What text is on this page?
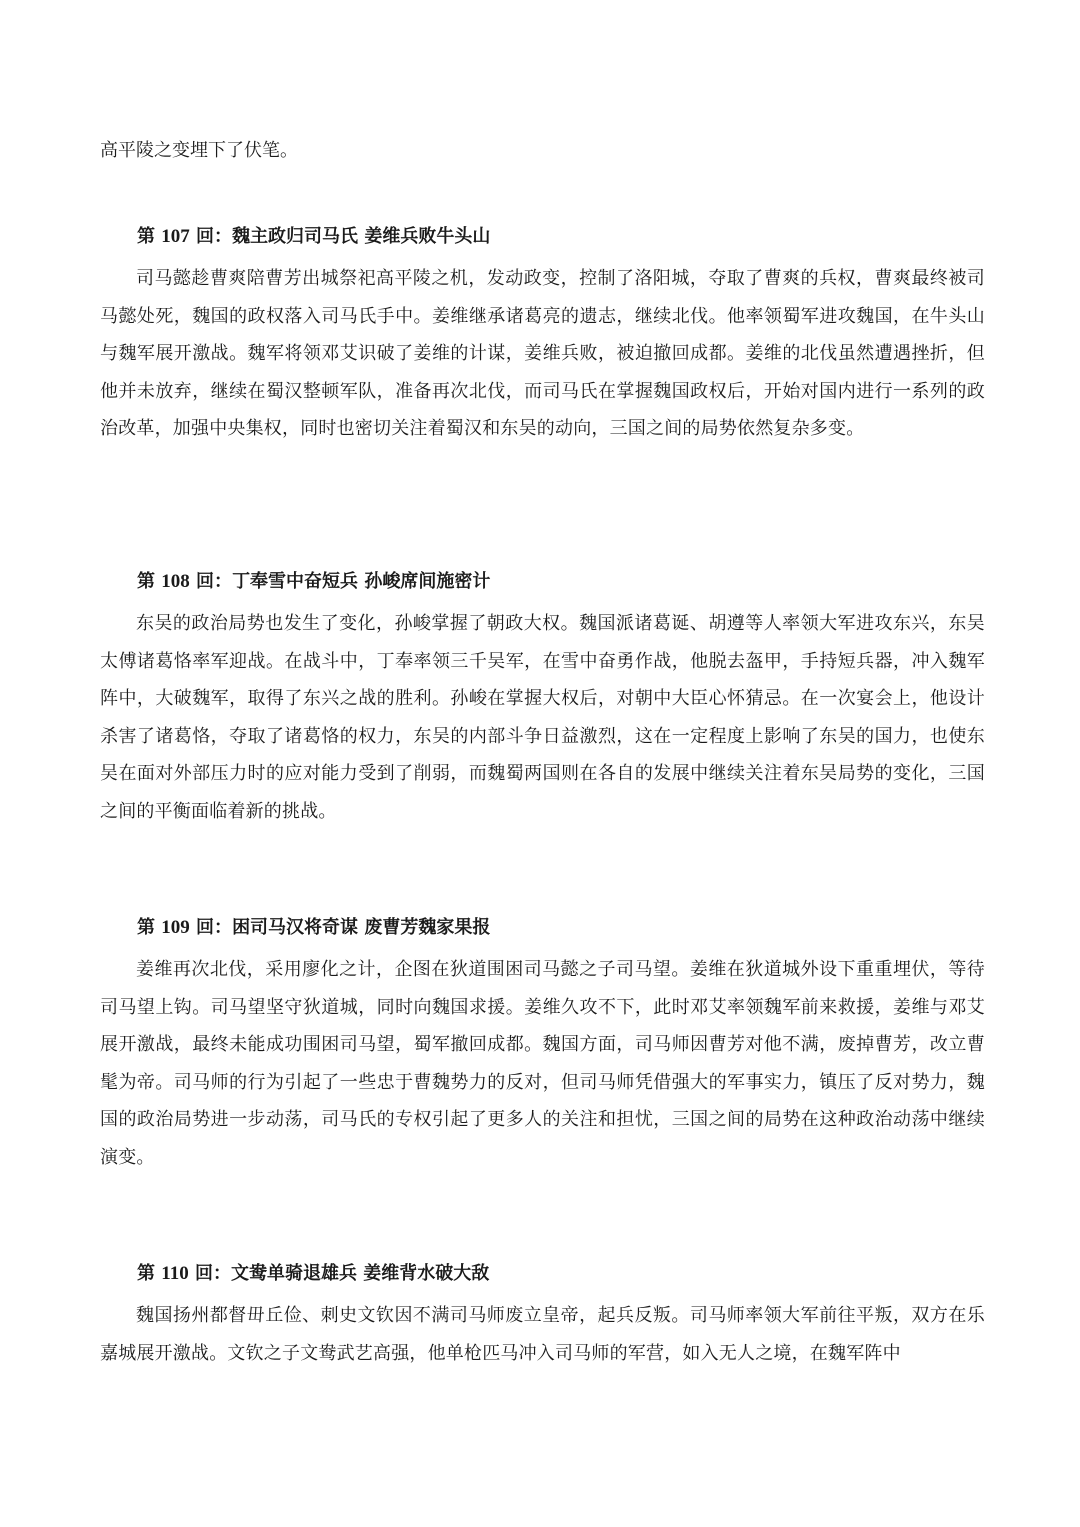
高平陵之变埋下了伏笔。

第 107 回：魏主政归司马氏 姜维兵败牛头山

司马懿趁曹爽陪曹芳出城祭祀高平陵之机，发动政变，控制了洛阳城，夺取了曹爽的兵权，曹爽最终被司马懿处死，魏国的政权落入司马氏手中。姜维继承诸葛亮的遗志，继续北伐。他率领蜀军进攻魏国，在牛头山与魏军展开激战。魏军将领邓艾识破了姜维的计谋，姜维兵败，被迫撤回成都。姜维的北伐虽然遭遇挫折，但他并未放弃，继续在蜀汉整顿军队，准备再次北伐，而司马氏在掌握魏国政权后，开始对国内进行一系列的政治改革，加强中央集权，同时也密切关注着蜀汉和东吴的动向，三国之间的局势依然复杂多变。

第 108 回：丁奉雪中奋短兵 孙峻席间施密计

东吴的政治局势也发生了变化，孙峻掌握了朝政大权。魏国派诸葛诞、胡遵等人率领大军进攻东兴，东吴太傅诸葛恪率军迎战。在战斗中，丁奉率领三千吴军，在雪中奋勇作战，他脱去盔甲，手持短兵器，冲入魏军阵中，大破魏军，取得了东兴之战的胜利。孙峻在掌握大权后，对朝中大臣心怀猜忌。在一次宴会上，他设计杀害了诸葛恪，夺取了诸葛恪的权力，东吴的内部斗争日益激烈，这在一定程度上影响了东吴的国力，也使东吴在面对外部压力时的应对能力受到了削弱，而魏蜀两国则在各自的发展中继续关注着东吴局势的变化，三国之间的平衡面临着新的挑战。

第 109 回：困司马汉将奇谋 废曹芳魏家果报

姜维再次北伐，采用廖化之计，企图在狄道围困司马懿之子司马望。姜维在狄道城外设下重重埋伏，等待司马望上钩。司马望坚守狄道城，同时向魏国求援。姜维久攻不下，此时邓艾率领魏军前来救援，姜维与邓艾展开激战，最终未能成功围困司马望，蜀军撤回成都。魏国方面，司马师因曹芳对他不满，废掉曹芳，改立曹髦为帝。司马师的行为引起了一些忠于曹魏势力的反对，但司马师凭借强大的军事实力，镇压了反对势力，魏国的政治局势进一步动荡，司马氏的专权引起了更多人的关注和担忧，三国之间的局势在这种政治动荡中继续演变。

第 110 回：文鸯单骑退雄兵 姜维背水破大敌

魏国扬州都督毌丘俭、刺史文钦因不满司马师废立皇帝，起兵反叛。司马师率领大军前往平叛，双方在乐嘉城展开激战。文钦之子文鸯武艺高强，他单枪匹马冲入司马师的军营，如入无人之境，在魏军阵中
